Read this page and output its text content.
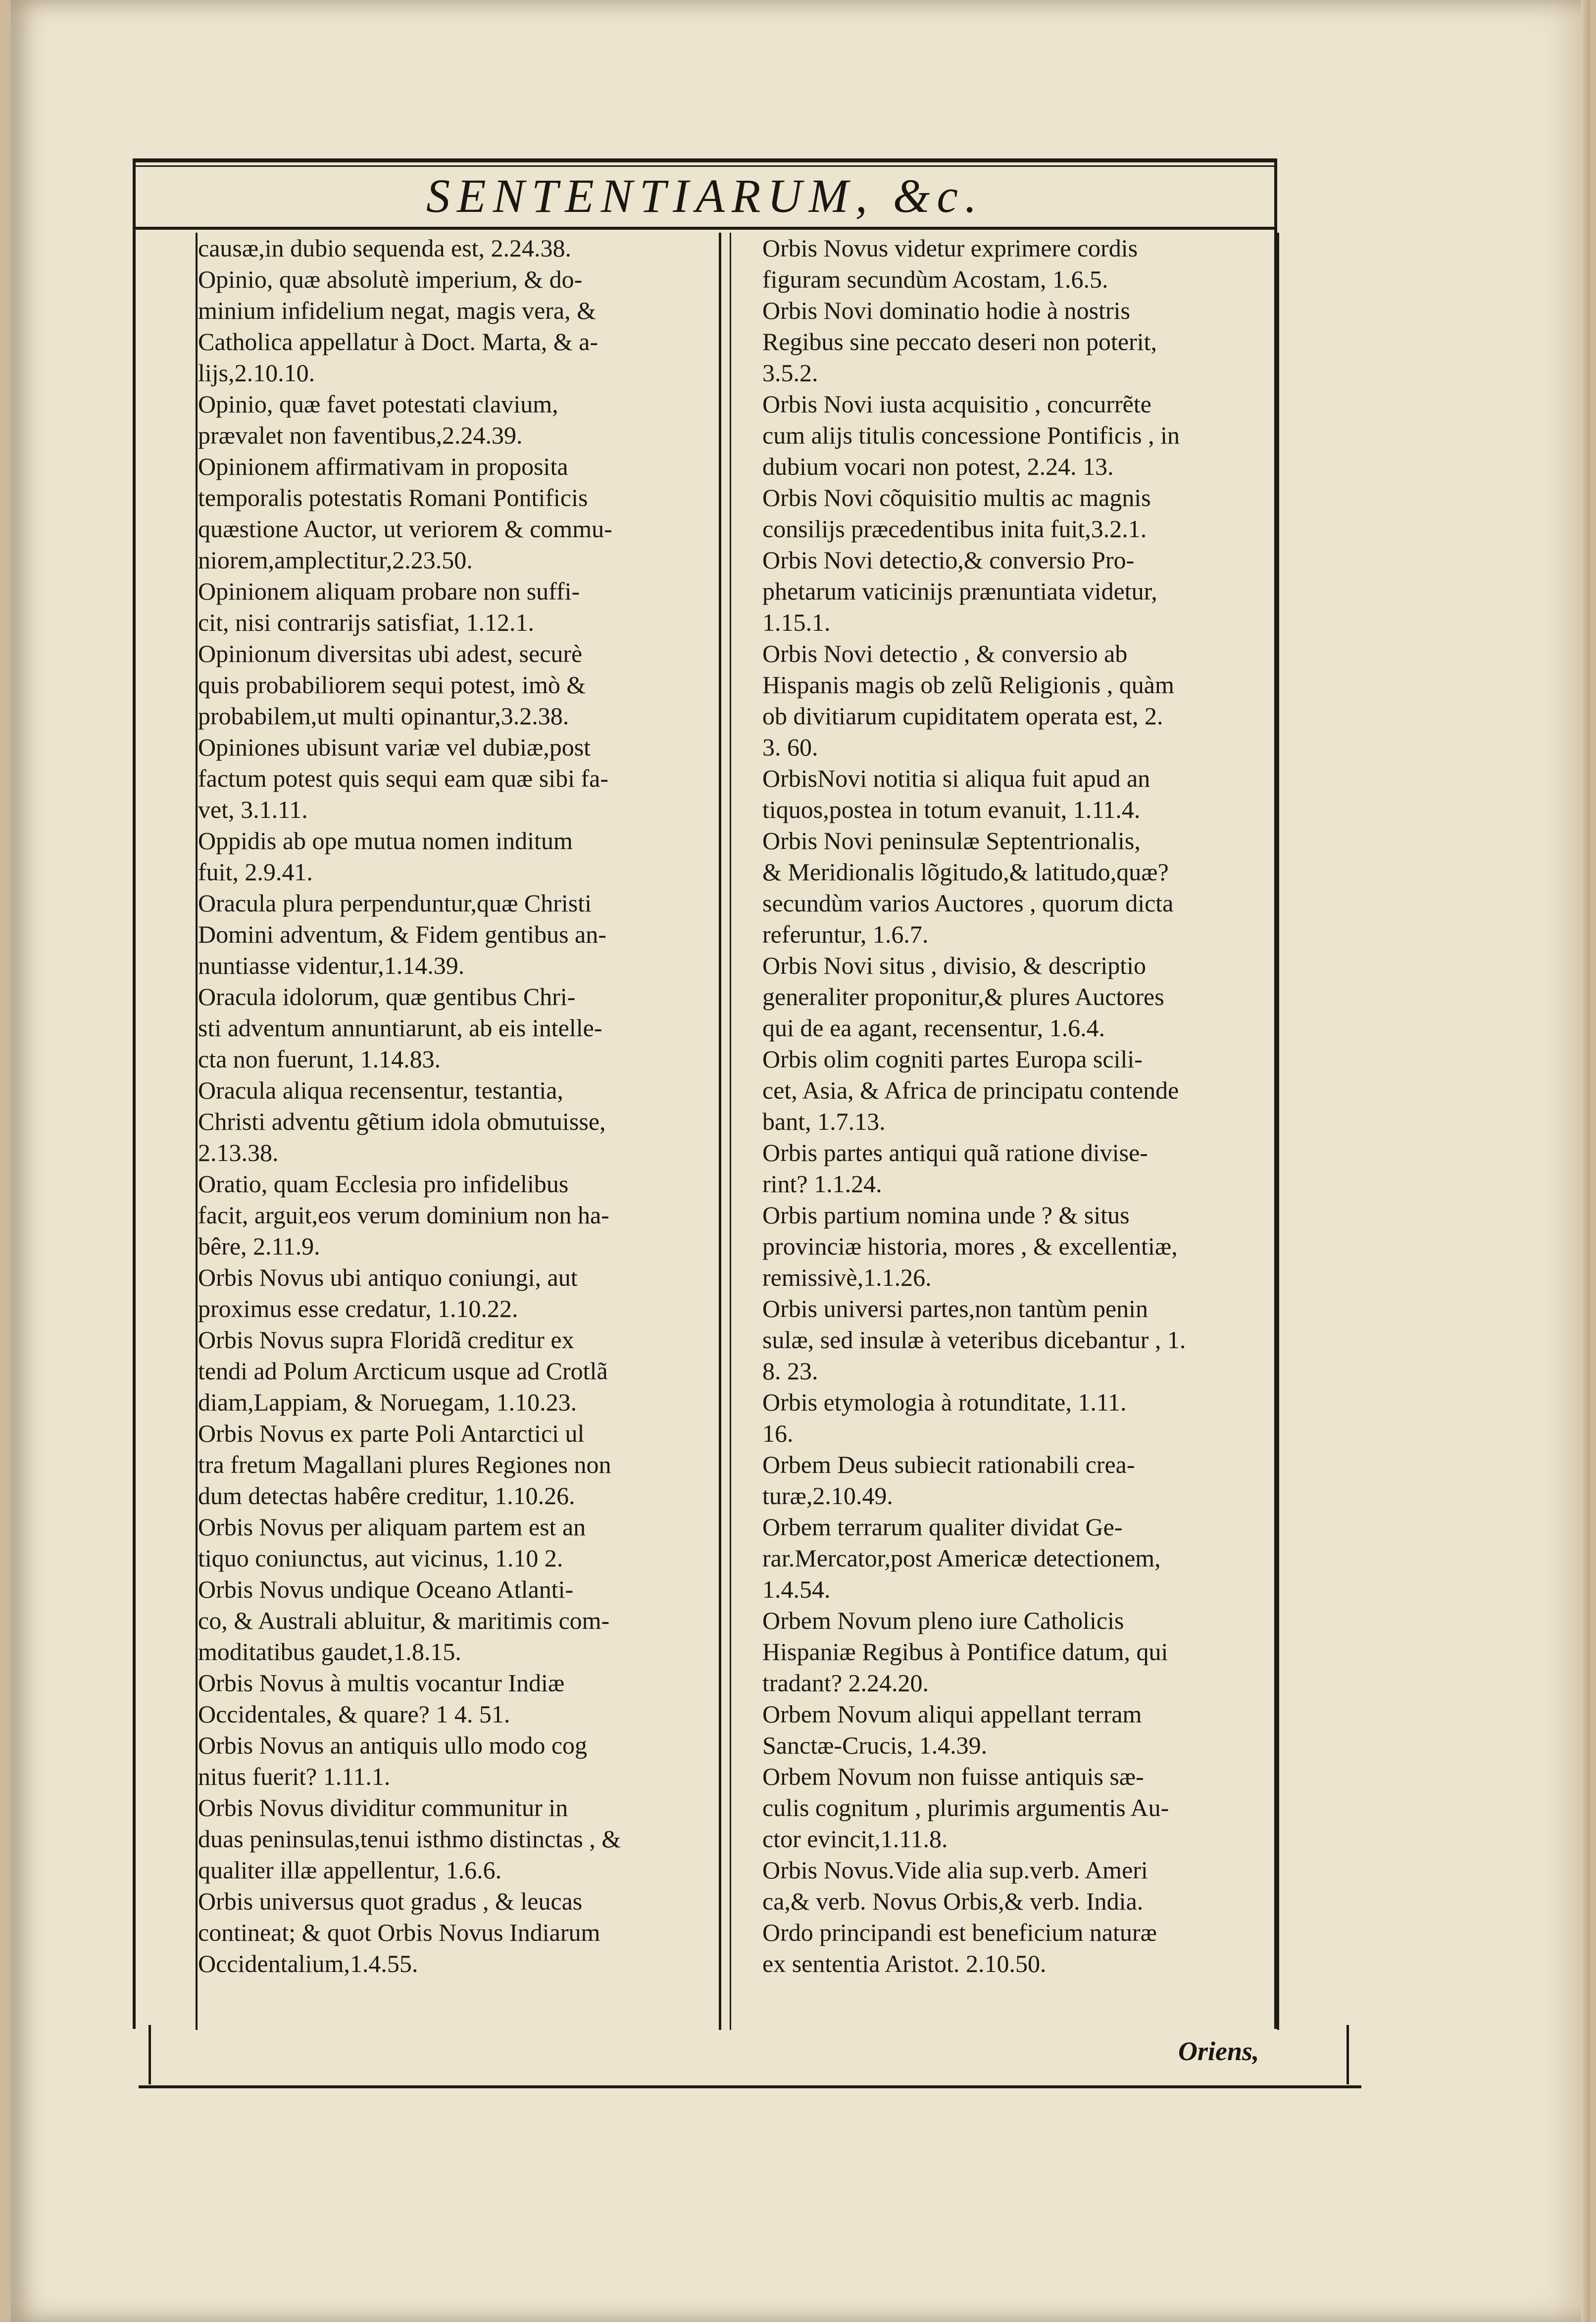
SENTENTIARUM, &c.
causæ,in dubio sequenda est, 2.24.38.
Opinio, quæ absolutè imperium, & do-
minium infidelium negat, magis vera, &
Catholica appellatur à Doct. Marta, & a-
lijs,2.10.10.
Opinio, quæ favet potestati clavium,
prævalet non faventibus,2.24.39.
Opinionem affirmativam in proposita
temporalis potestatis Romani Pontificis
quæstione Auctor, ut veriorem & commu-
niorem,amplectitur,2.23.50.
Opinionem aliquam probare non suffi-
cit, nisi contrarijs satisfiat, 1.12.1.
Opinionum diversitas ubi adest, securè
quis probabiliorem sequi potest, imò &
probabilem,ut multi opinantur,3.2.38.
Opiniones ubisunt variæ vel dubiæ,post
factum potest quis sequi eam quæ sibi fa-
vet, 3.1.11.
Oppidis ab ope mutua nomen inditum
fuit, 2.9.41.
Oracula plura perpenduntur,quæ Christi
Domini adventum, & Fidem gentibus an-
nuntiasse videntur,1.14.39.
Oracula idolorum, quæ gentibus Chri-
sti adventum annuntiarunt, ab eis intelle-
cta non fuerunt, 1.14.83.
Oracula aliqua recensentur, testantia,
Christi adventu gẽtium idola obmutuisse,
2.13.38.
Oratio, quam Ecclesia pro infidelibus
facit, arguit,eos verum dominium non ha-
bêre, 2.11.9.
Orbis Novus ubi antiquo coniungi, aut
proximus esse credatur, 1.10.22.
Orbis Novus supra Floridã creditur ex
tendi ad Polum Arcticum usque ad Crotlã
diam,Lappiam, & Noruegam, 1.10.23.
Orbis Novus ex parte Poli Antarctici ul
tra fretum Magallani plures Regiones non
dum detectas habêre creditur, 1.10.26.
Orbis Novus per aliquam partem est an
tiquo coniunctus, aut vicinus, 1.10 2.
Orbis Novus undique Oceano Atlanti-
co, & Australi abluitur, & maritimis com-
moditatibus gaudet,1.8.15.
Orbis Novus à multis vocantur Indiæ
Occidentales, & quare? 1 4. 51.
Orbis Novus an antiquis ullo modo cog
nitus fuerit? 1.11.1.
Orbis Novus dividitur communitur in
duas peninsulas,tenui isthmo distinctas , &
qualiter illæ appellentur, 1.6.6.
Orbis universus quot gradus , & leucas
contineat; & quot Orbis Novus Indiarum
Occidentalium,1.4.55.
Orbis Novus videtur exprimere cordis
figuram secundùm Acostam, 1.6.5.
Orbis Novi dominatio hodie à nostris
Regibus sine peccato deseri non poterit,
3.5.2.
Orbis Novi iusta acquisitio , concurrẽte
cum alijs titulis concessione Pontificis , in
dubium vocari non potest, 2.24. 13.
Orbis Novi cõquisitio multis ac magnis
consilijs præcedentibus inita fuit,3.2.1.
Orbis Novi detectio,& conversio Pro-
phetarum vaticinijs prænuntiata videtur,
1.15.1.
Orbis Novi detectio , & conversio ab
Hispanis magis ob zelũ Religionis , quàm
ob divitiarum cupiditatem operata est, 2.
3. 60.
OrbisNovi notitia si aliqua fuit apud an
tiquos,postea in totum evanuit, 1.11.4.
Orbis Novi peninsulæ Septentrionalis,
& Meridionalis lõgitudo,& latitudo,quæ?
secundùm varios Auctores , quorum dicta
referuntur, 1.6.7.
Orbis Novi situs , divisio, & descriptio
generaliter proponitur,& plures Auctores
qui de ea agant, recensentur, 1.6.4.
Orbis olim cogniti partes Europa scili-
cet, Asia, & Africa de principatu contende
bant, 1.7.13.
Orbis partes antiqui quã ratione divise-
rint? 1.1.24.
Orbis partium nomina unde ? & situs
provinciæ historia, mores , & excellentiæ,
remissivè,1.1.26.
Orbis universi partes,non tantùm penin
sulæ, sed insulæ à veteribus dicebantur , 1.
8. 23.
Orbis etymologia à rotunditate, 1.11.
16.
Orbem Deus subiecit rationabili crea-
turæ,2.10.49.
Orbem terrarum qualiter dividat Ge-
rar.Mercator,post Americæ detectionem,
1.4.54.
Orbem Novum pleno iure Catholicis
Hispaniæ Regibus à Pontifice datum, qui
tradant? 2.24.20.
Orbem Novum aliqui appellant terram
Sanctæ-Crucis, 1.4.39.
Orbem Novum non fuisse antiquis sæ-
culis cognitum , plurimis argumentis Au-
ctor evincit,1.11.8.
Orbis Novus.Vide alia sup.verb. Ameri
ca,& verb. Novus Orbis,& verb. India.
Ordo principandi est beneficium naturæ
ex sententia Aristot. 2.10.50.
Oriens,
